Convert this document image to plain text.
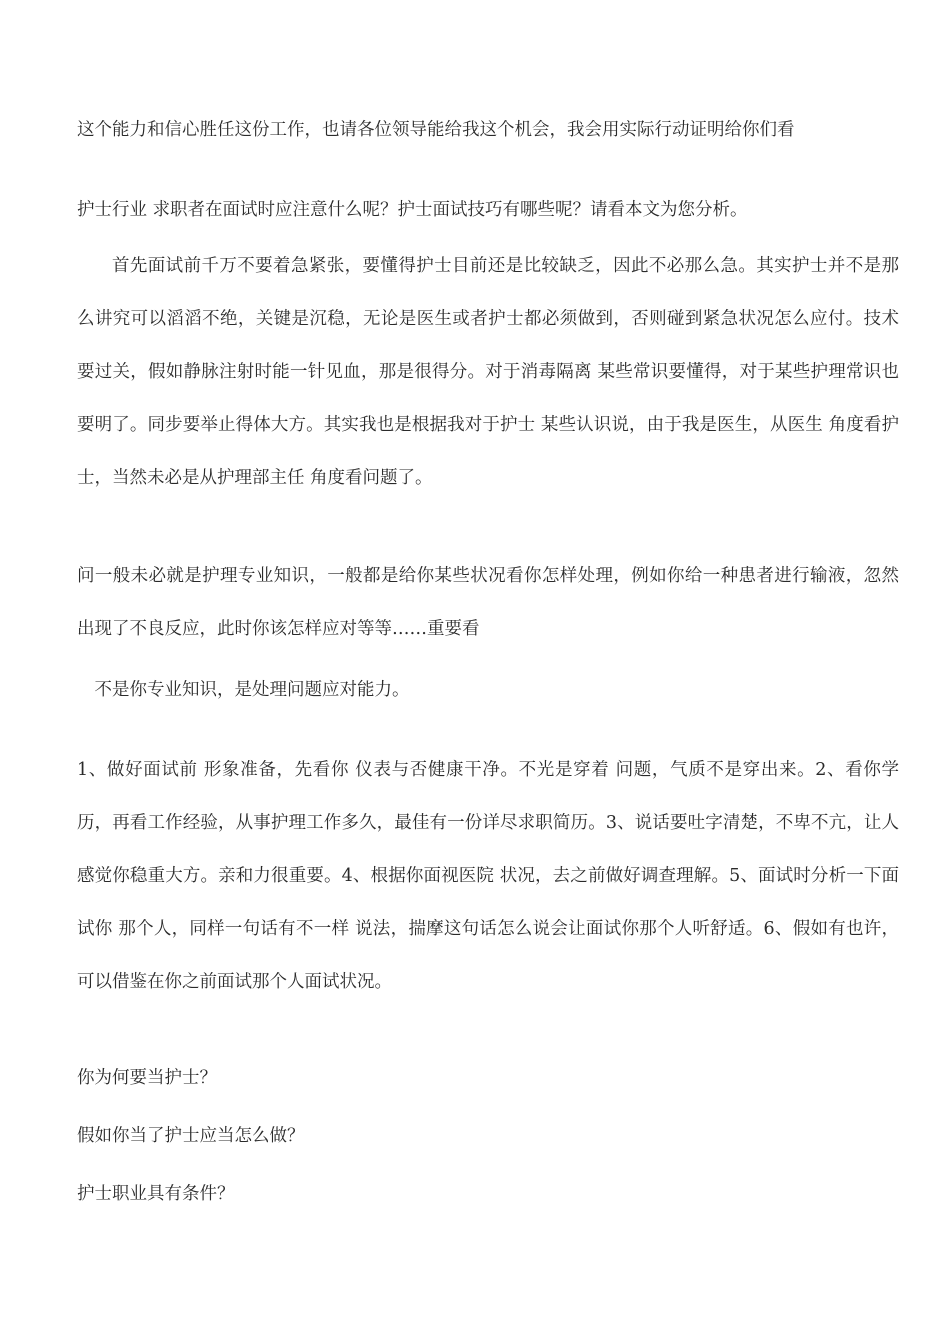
这个能力和信心胜任这份工作，也请各位领导能给我这个机会，我会用实际行动证明给你们看

护士行业 求职者在面试时应注意什么呢？护士面试技巧有哪些呢？请看本文为您分析。

首先面试前千万不要着急紧张，要懂得护士目前还是比较缺乏，因此不必那么急。其实护士并不是那么讲究可以滔滔不绝，关键是沉稳，无论是医生或者护士都必须做到，否则碰到紧急状况怎么应付。技术要过关，假如静脉注射时能一针见血，那是很得分。对于消毒隔离 某些常识要懂得，对于某些护理常识也要明了。同步要举止得体大方。其实我也是根据我对于护士 某些认识说，由于我是医生，从医生 角度看护士，当然未必是从护理部主任 角度看问题了。

问一般未必就是护理专业知识，一般都是给你某些状况看你怎样处理，例如你给一种患者进行输液，忽然出现了不良反应，此时你该怎样应对等等……重要看

不是你专业知识，是处理问题应对能力。

1、做好面试前 形象准备，先看你 仪表与否健康干净。不光是穿着 问题，气质不是穿出来。2、看你学历，再看工作经验，从事护理工作多久，最佳有一份详尽求职简历。3、说话要吐字清楚，不卑不亢，让人感觉你稳重大方。亲和力很重要。4、根据你面视医院 状况，去之前做好调查理解。5、面试时分析一下面试你 那个人，同样一句话有不一样 说法，揣摩这句话怎么说会让面试你那个人听舒适。6、假如有也许，可以借鉴在你之前面试那个人面试状况。

你为何要当护士？

假如你当了护士应当怎么做？

护士职业具有条件？
